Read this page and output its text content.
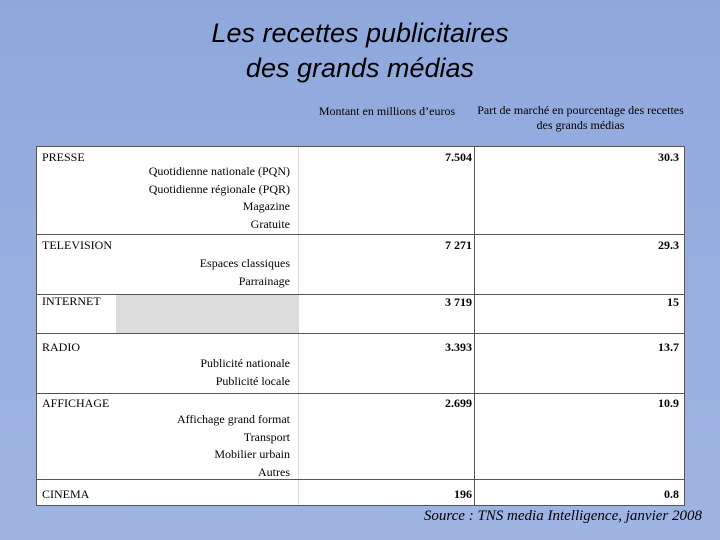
Les recettes publicitaires
des grands médias
Montant en millions d’euros	Part de marché en pourcentage des recettes des grands médias
PRESSE	7.504	30.3
Quotidienne nationale (PQN)
Quotidienne régionale (PQR)
Magazine
Gratuite
TELEVISION	7 271	29.3
Espaces classiques
Parrainage
INTERNET	3 719	15
RADIO	3.393	13.7
Publicité nationale
Publicité locale
AFFICHAGE	2.699	10.9
Affichage grand format
Transport
Mobilier urbain
Autres
CINEMA	196	0.8
Source : TNS media Intelligence, janvier 2008
